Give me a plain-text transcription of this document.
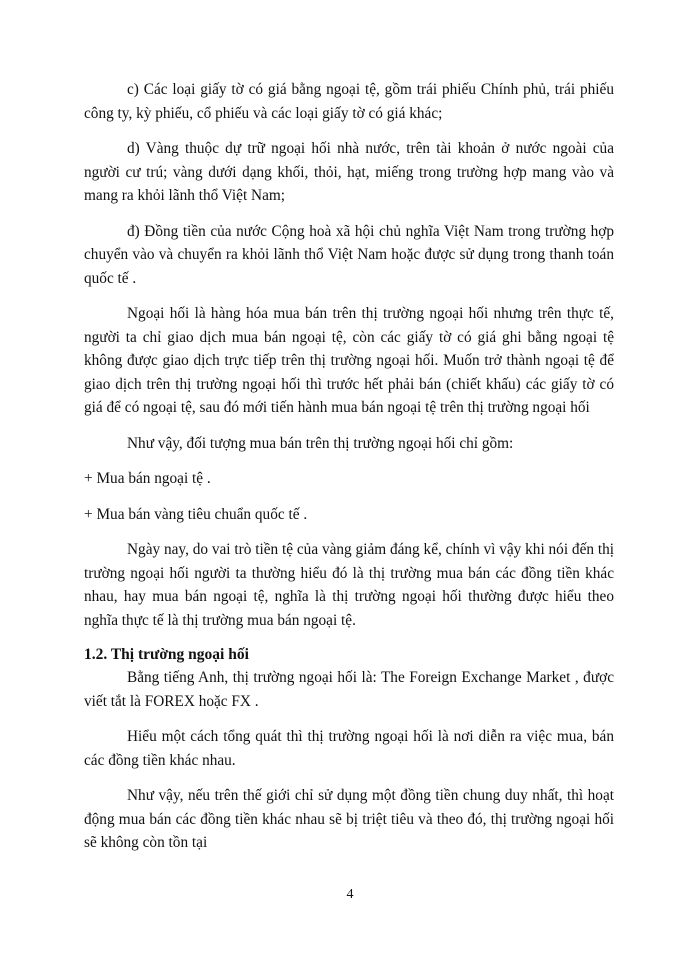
c) Các loại giấy tờ có giá bằng ngoại tệ, gồm trái phiếu Chính phủ, trái phiếu công ty, kỳ phiếu, cổ phiếu và các loại giấy tờ có giá khác;

d) Vàng thuộc dự trữ ngoại hối nhà nước, trên tài khoản ở nước ngoài của người cư trú; vàng dưới dạng khối, thỏi, hạt, miếng trong trường hợp mang vào và mang ra khỏi lãnh thổ Việt Nam;

đ) Đồng tiền của nước Cộng hoà xã hội chủ nghĩa Việt Nam trong trường hợp chuyển vào và chuyển ra khỏi lãnh thổ Việt Nam hoặc được sử dụng trong thanh toán quốc tế .

Ngoại hối là hàng hóa mua bán trên thị trường ngoại hối nhưng trên thực tế, người ta chỉ giao dịch mua bán ngoại tệ, còn các giấy tờ có giá ghi bằng ngoại tệ không được giao dịch trực tiếp trên thị trường ngoại hối. Muốn trở thành ngoại tệ để giao dịch trên thị trường ngoại hối thì trước hết phải bán (chiết khấu) các giấy tờ có giá để có ngoại tệ, sau đó mới tiến hành mua bán ngoại tệ trên thị trường ngoại hối

Như vậy, đối tượng mua bán trên thị trường ngoại hối chỉ gồm:

+ Mua bán ngoại tệ .

+ Mua bán vàng tiêu chuẩn quốc tế .

Ngày nay, do vai trò tiền tệ của vàng giảm đáng kể, chính vì vậy khi nói đến thị trường ngoại hối người ta thường hiểu đó là thị trường mua bán các đồng tiền khác nhau, hay mua bán ngoại tệ, nghĩa là thị trường ngoại hối thường được hiểu theo nghĩa thực tế là thị trường mua bán ngoại tệ.

1.2. Thị trường ngoại hối

Bằng tiếng Anh, thị trường ngoại hối là: The Foreign Exchange Market , được viết tắt là FOREX hoặc FX .

Hiểu một cách tổng quát thì thị trường ngoại hối là nơi diễn ra việc mua, bán các đồng tiền khác nhau.

Như vậy, nếu trên thế giới chỉ sử dụng một đồng tiền chung duy nhất, thì hoạt động mua bán các đồng tiền khác nhau sẽ bị triệt tiêu và theo đó, thị trường ngoại hối sẽ không còn tồn tại

4
